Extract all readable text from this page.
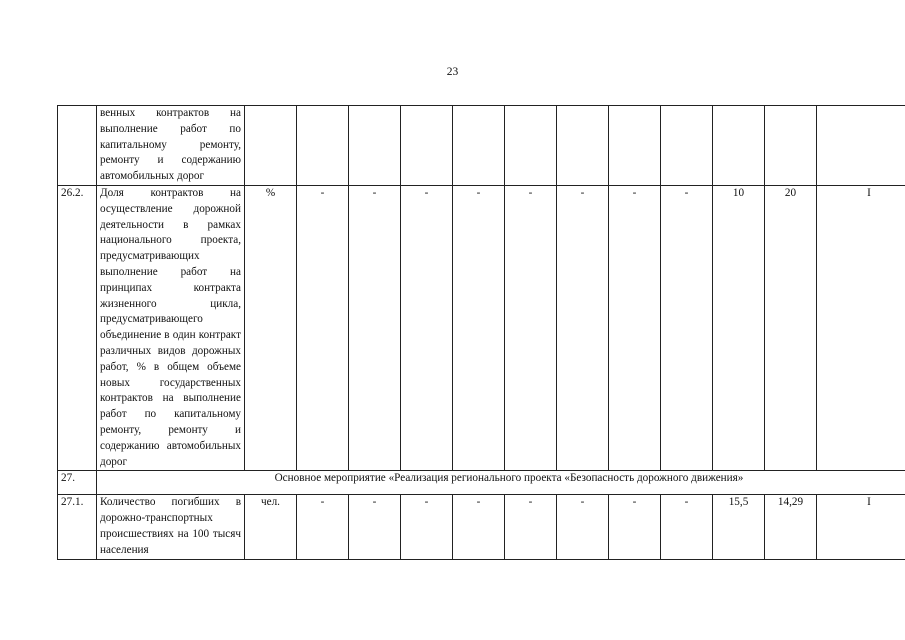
23
	венных контрактов на выполнение работ по капитальному ремонту, ремонту и содержанию автомобильных дорог												
26.2.	Доля контрактов на осуществление дорожной деятельности в рамках национального проекта, предусматривающих выполнение работ на принципах контракта жизненного цикла, предусматривающего объединение в один контракт различных видов дорожных работ, % в общем объеме новых государственных контрактов на выполнение работ по капитальному ремонту, ремонту и содержанию автомобильных дорог	%	-	-	-	-	-	-	-	-	10	20	I
27.	Основное мероприятие «Реализация регионального проекта «Безопасность дорожного движения»												
27.1.	Количество погибших в дорожно-транспортных происшествиях на 100 тысяч населения	чел.	-	-	-	-	-	-	-	-	15,5	14,29	I
